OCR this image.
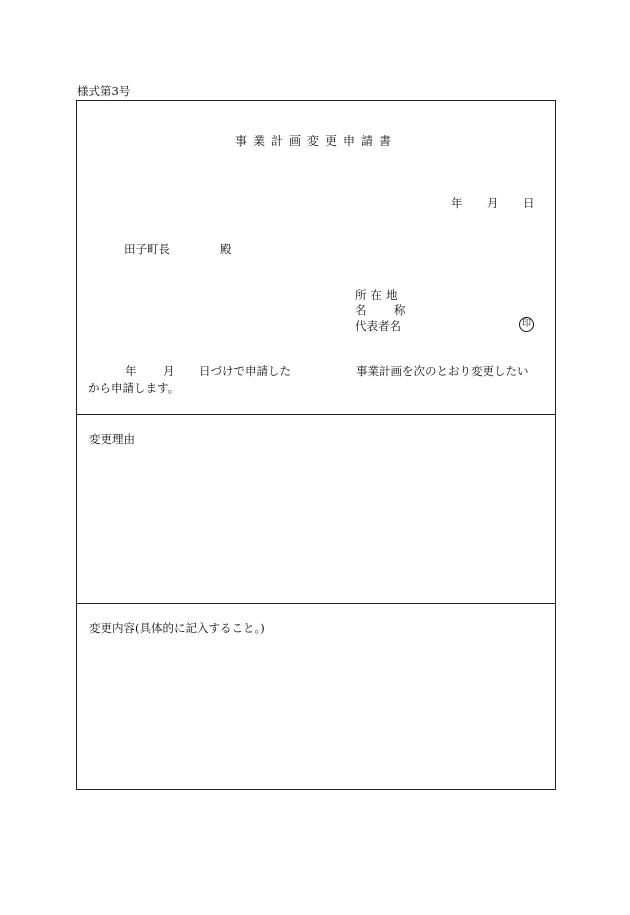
様式第3号
事業計画変更申請書
年 月 日
田子町長	殿
所在地
名 称
代表者名	印
年 月 日づけで申請した	事業計画を次のとおり変更したい
から申請します。
変更理由
変更内容(具体的に記入すること。)
